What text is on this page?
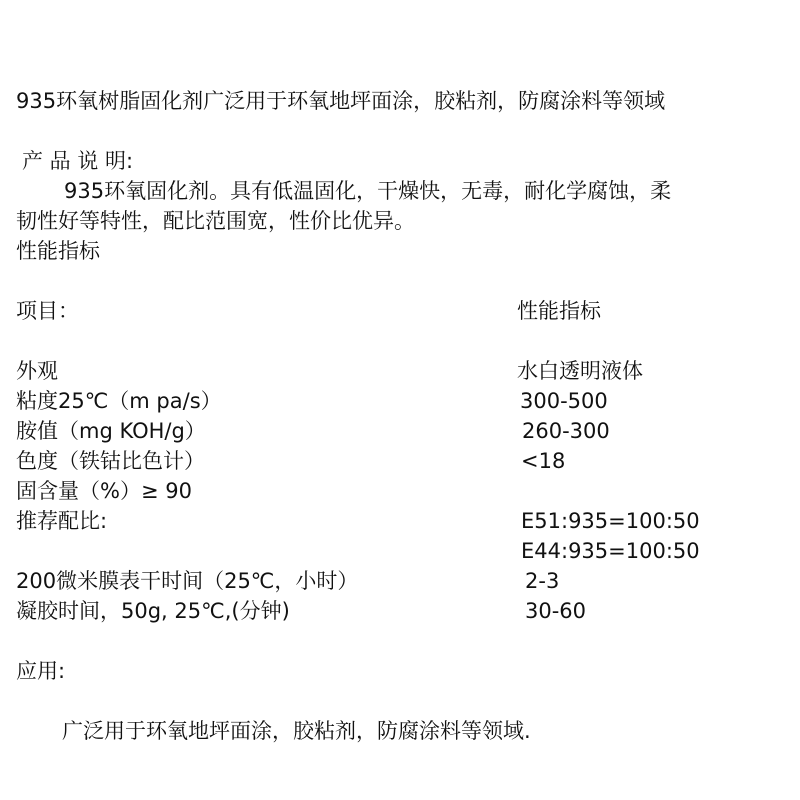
935环氧树脂固化剂广泛用于环氧地坪面涂，胶粘剂，防腐涂料等领域
产 品 说 明:
935环氧固化剂。具有低温固化，干燥快，无毒，耐化学腐蚀，柔
韧性好等特性，配比范围宽，性价比优异。
性能指标
项目：	性能指标
外观	水白透明液体
粘度25℃（m pa/s）	300-500
胺值（mg KOH/g）	260-300
色度（铁钴比色计）	<18
固含量（%）≥ 90
推荐配比:	E51:935=100:50
E44:935=100:50
200微米膜表干时间（25℃，小时）	2-3
凝胶时间，50g, 25℃,(分钟)	30-60
应用:
广泛用于环氧地坪面涂，胶粘剂，防腐涂料等领域.
